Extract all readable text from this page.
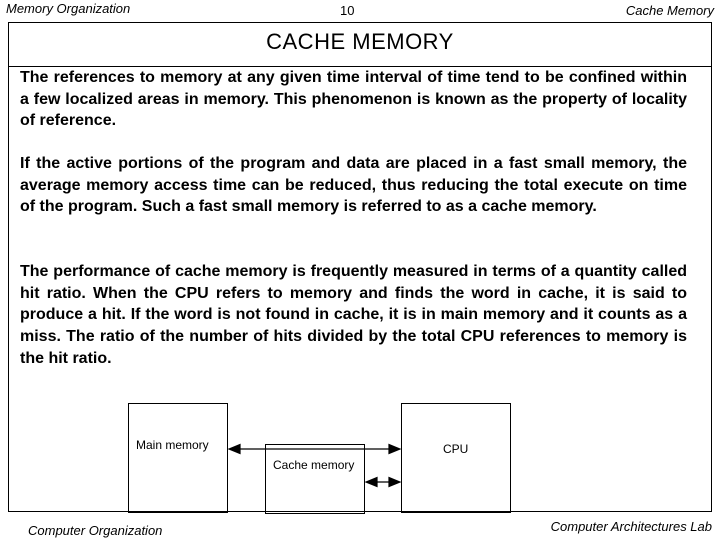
Memory Organization	10	Cache Memory
CACHE MEMORY

The references to memory at any given time interval of time tend to be confined within a few localized areas in memory. This phenomenon is known as the property of locality of reference.

If the active portions of the program and data are placed in a fast small memory, the average memory access time can be reduced, thus reducing the total execute on time of the program. Such a fast small memory is referred to as a cache memory.

The performance of cache memory is frequently measured in terms of a quantity called hit ratio. When the CPU refers to memory and finds the word in cache, it is said to produce a hit. If the word is not found in cache, it is in main memory and it counts as a miss. The ratio of the number of hits divided by the total CPU references to memory is the hit ratio.

Main memory	CPU
Cache memory
Computer Organization	Computer Architectures Lab
